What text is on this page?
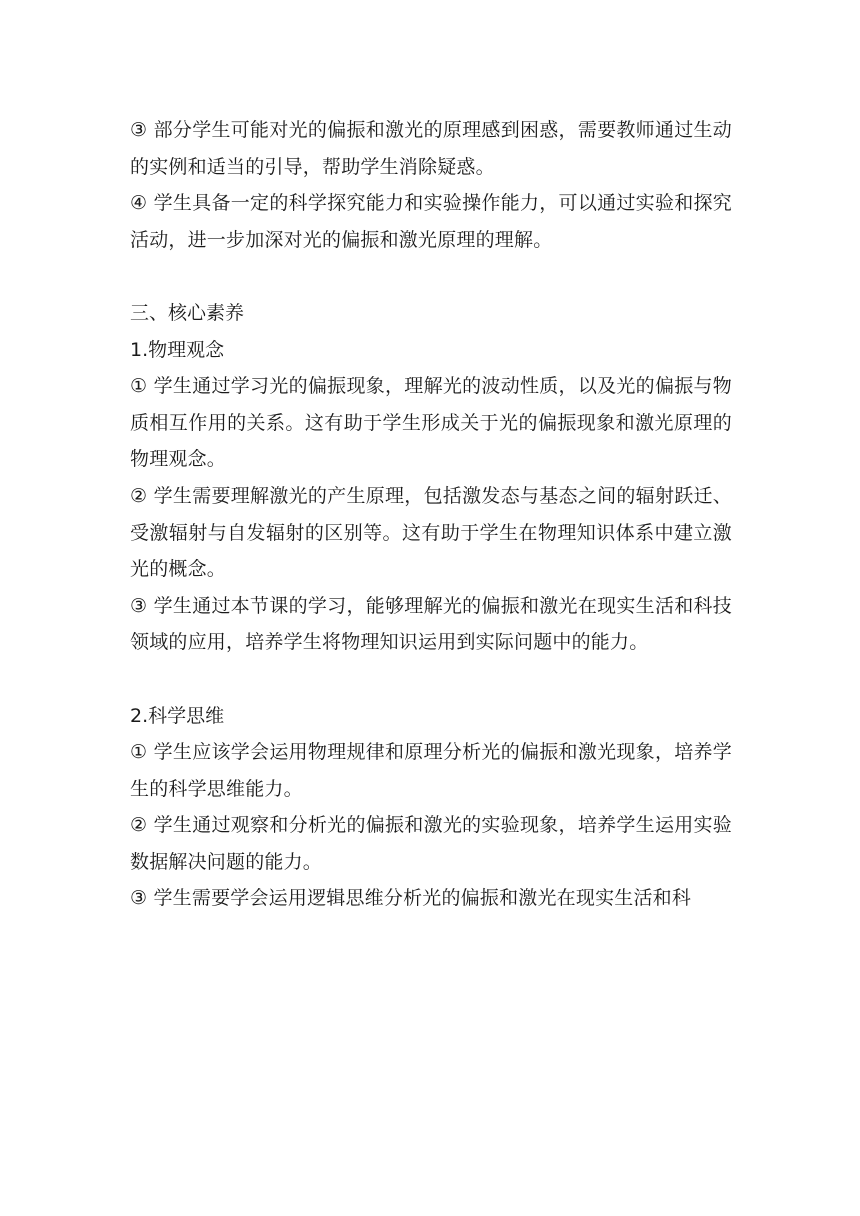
③ 部分学生可能对光的偏振和激光的原理感到困惑，需要教师通过生动的实例和适当的引导，帮助学生消除疑惑。

④ 学生具备一定的科学探究能力和实验操作能力，可以通过实验和探究活动，进一步加深对光的偏振和激光原理的理解。

三、核心素养

1.物理观念

① 学生通过学习光的偏振现象，理解光的波动性质，以及光的偏振与物质相互作用的关系。这有助于学生形成关于光的偏振现象和激光原理的物理观念。

② 学生需要理解激光的产生原理，包括激发态与基态之间的辐射跃迁、受激辐射与自发辐射的区别等。这有助于学生在物理知识体系中建立激光的概念。

③ 学生通过本节课的学习，能够理解光的偏振和激光在现实生活和科技领域的应用，培养学生将物理知识运用到实际问题中的能力。

2.科学思维

① 学生应该学会运用物理规律和原理分析光的偏振和激光现象，培养学生的科学思维能力。

② 学生通过观察和分析光的偏振和激光的实验现象，培养学生运用实验数据解决问题的能力。

③ 学生需要学会运用逻辑思维分析光的偏振和激光在现实生活和科
